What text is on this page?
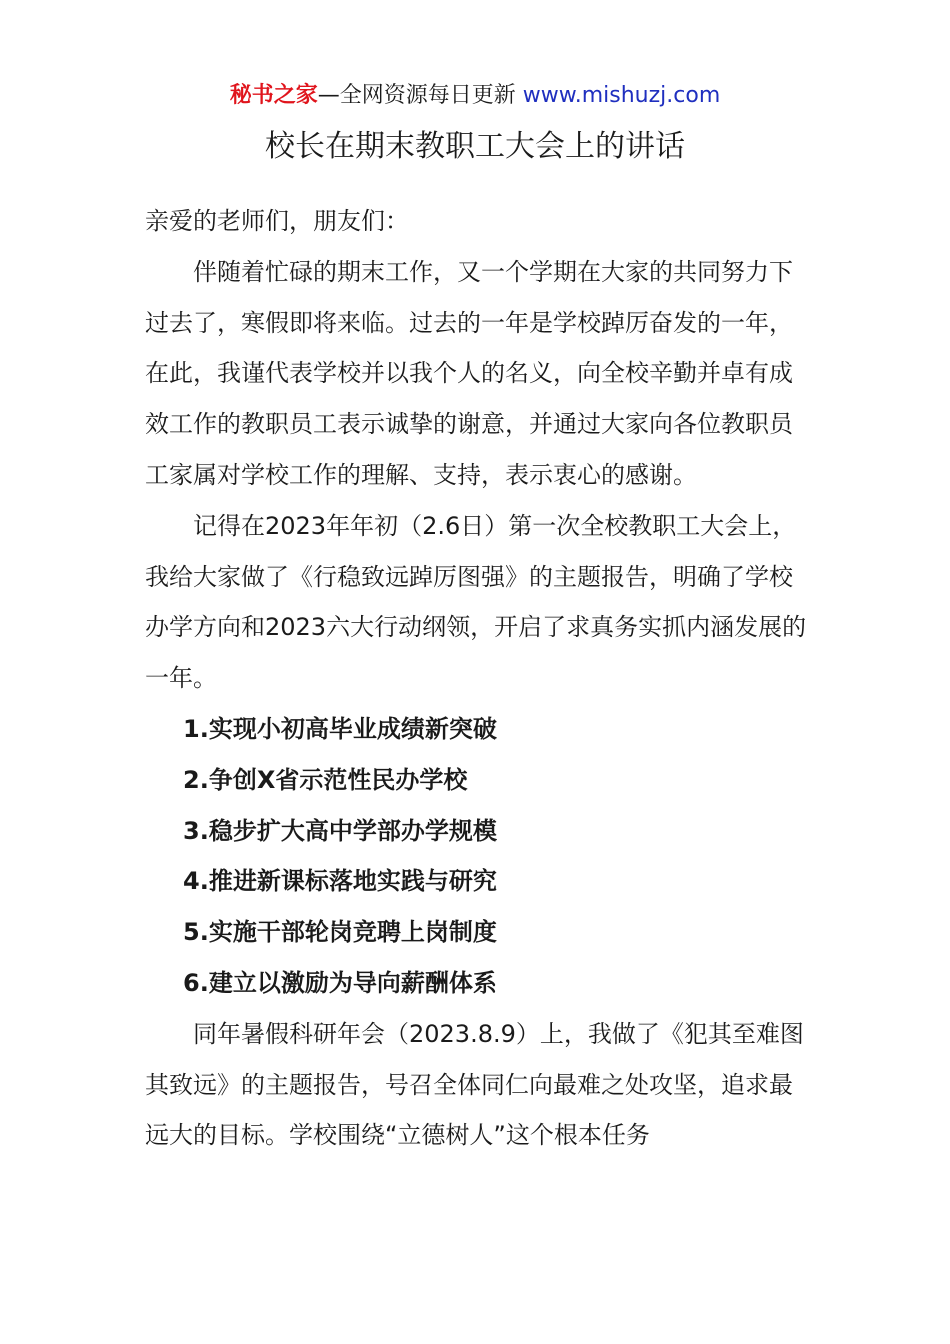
秘书之家—全网资源每日更新 www.mishuzj.com
校长在期末教职工大会上的讲话

亲爱的老师们，朋友们：

伴随着忙碌的期末工作，又一个学期在大家的共同努力下过去了，寒假即将来临。过去的一年是学校踔厉奋发的一年，在此，我谨代表学校并以我个人的名义，向全校辛勤并卓有成效工作的教职员工表示诚挚的谢意，并通过大家向各位教职员工家属对学校工作的理解、支持，表示衷心的感谢。

记得在2023年年初（2.6日）第一次全校教职工大会上，我给大家做了《行稳致远踔厉图强》的主题报告，明确了学校办学方向和2023六大行动纲领，开启了求真务实抓内涵发展的一年。

1.实现小初高毕业成绩新突破

2.争创X省示范性民办学校

3.稳步扩大高中学部办学规模

4.推进新课标落地实践与研究

5.实施干部轮岗竞聘上岗制度

6.建立以激励为导向薪酬体系

同年暑假科研年会（2023.8.9）上，我做了《犯其至难图其致远》的主题报告，号召全体同仁向最难之处攻坚，追求最远大的目标。学校围绕“立德树人”这个根本任务
